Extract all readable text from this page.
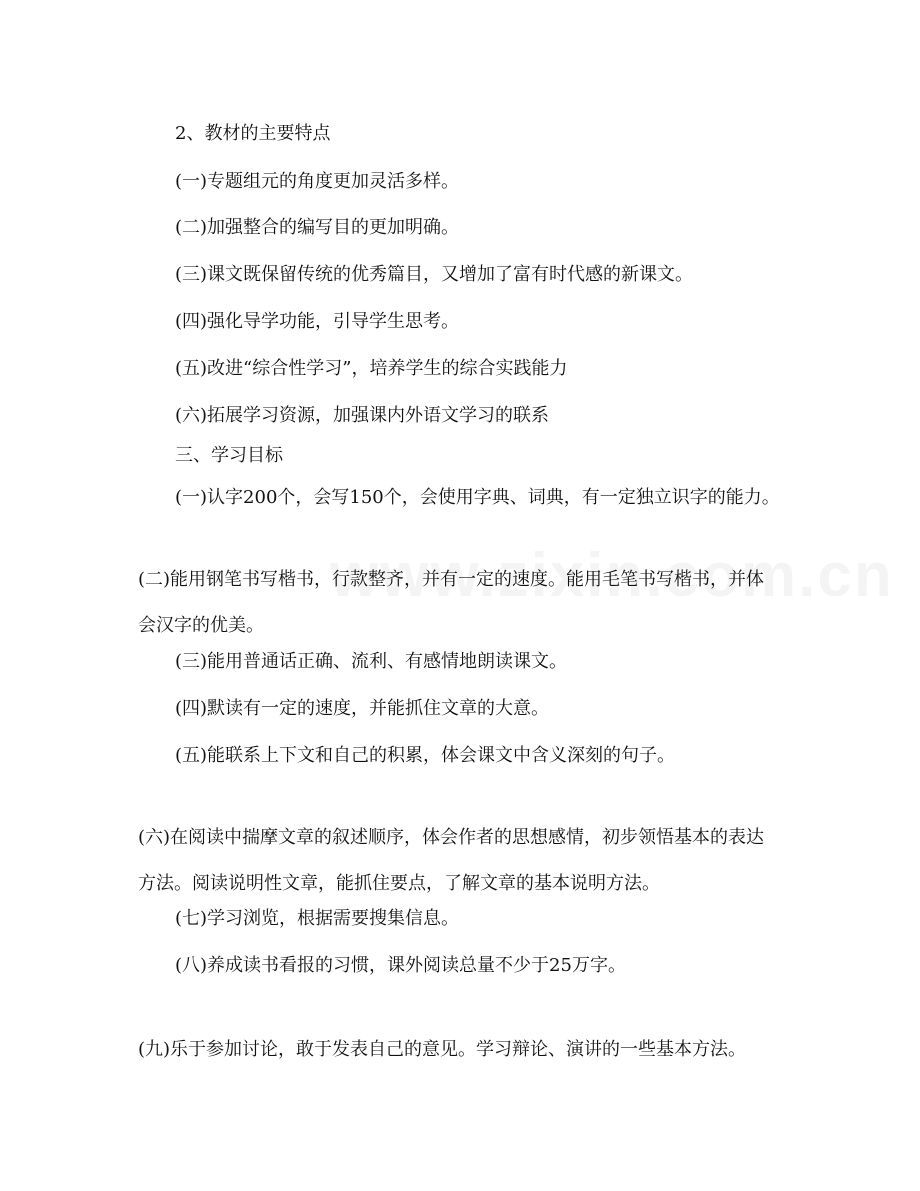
2、教材的主要特点
(一)专题组元的角度更加灵活多样。
(二)加强整合的编写目的更加明确。
(三)课文既保留传统的优秀篇目，又增加了富有时代感的新课文。
(四)强化导学功能，引导学生思考。
(五)改进“综合性学习”，培养学生的综合实践能力
(六)拓展学习资源，加强课内外语文学习的联系
三、学习目标
(一)认字200个，会写150个，会使用字典、词典，有一定独立识字的能力。
(二)能用钢笔书写楷书，行款整齐，并有一定的速度。能用毛笔书写楷书，并体会汉字的优美。
(三)能用普通话正确、流利、有感情地朗读课文。
(四)默读有一定的速度，并能抓住文章的大意。
(五)能联系上下文和自己的积累，体会课文中含义深刻的句子。
(六)在阅读中揣摩文章的叙述顺序，体会作者的思想感情，初步领悟基本的表达方法。阅读说明性文章，能抓住要点，了解文章的基本说明方法。
(七)学习浏览，根据需要搜集信息。
(八)养成读书看报的习惯，课外阅读总量不少于25万字。
(九)乐于参加讨论，敢于发表自己的意见。学习辩论、演讲的一些基本方法。
